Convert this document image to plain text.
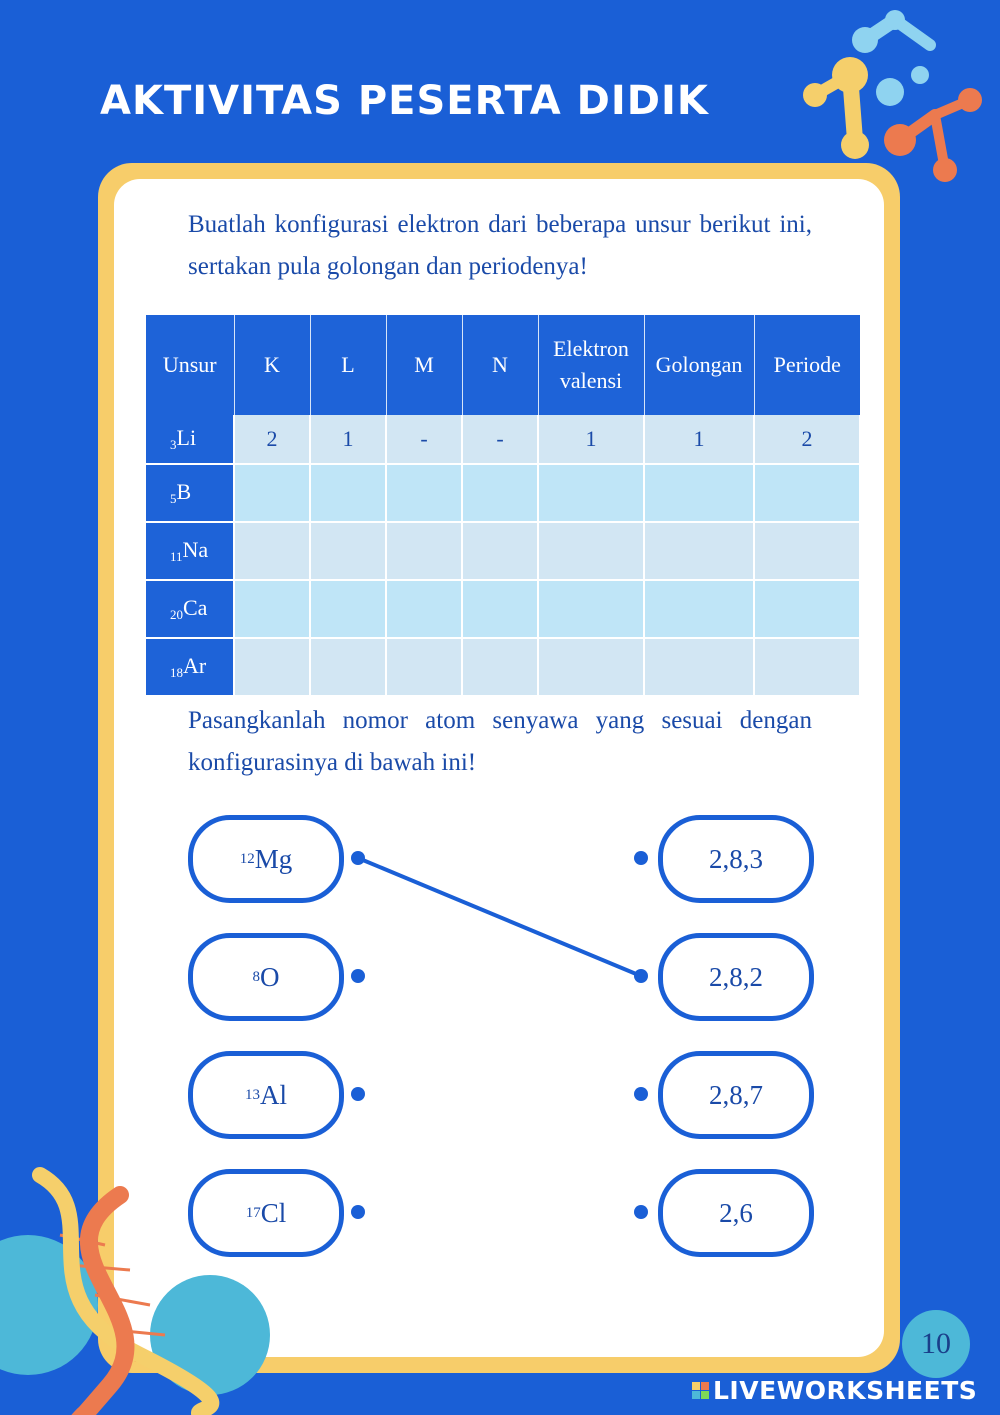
AKTIVITAS PESERTA DIDIK
Buatlah konfigurasi elektron dari beberapa unsur berikut ini, sertakan pula golongan dan periodenya!
Unsur	K	L	M	N	Elektron valensi	Golongan	Periode
$_3$Li	2	1	-	-	1	1	2
$_5$B							
$_{11}$Na							
$_{20}$Ca							
$_{18}$Ar							
Pasangkanlah nomor atom senyawa yang sesuai dengan konfigurasinya di bawah ini!
12 Mg
8 O
13 Al
17 Cl
2,8,3
2,8,2
2,8,7
2,6
10
LIVEWORKSHEETS
